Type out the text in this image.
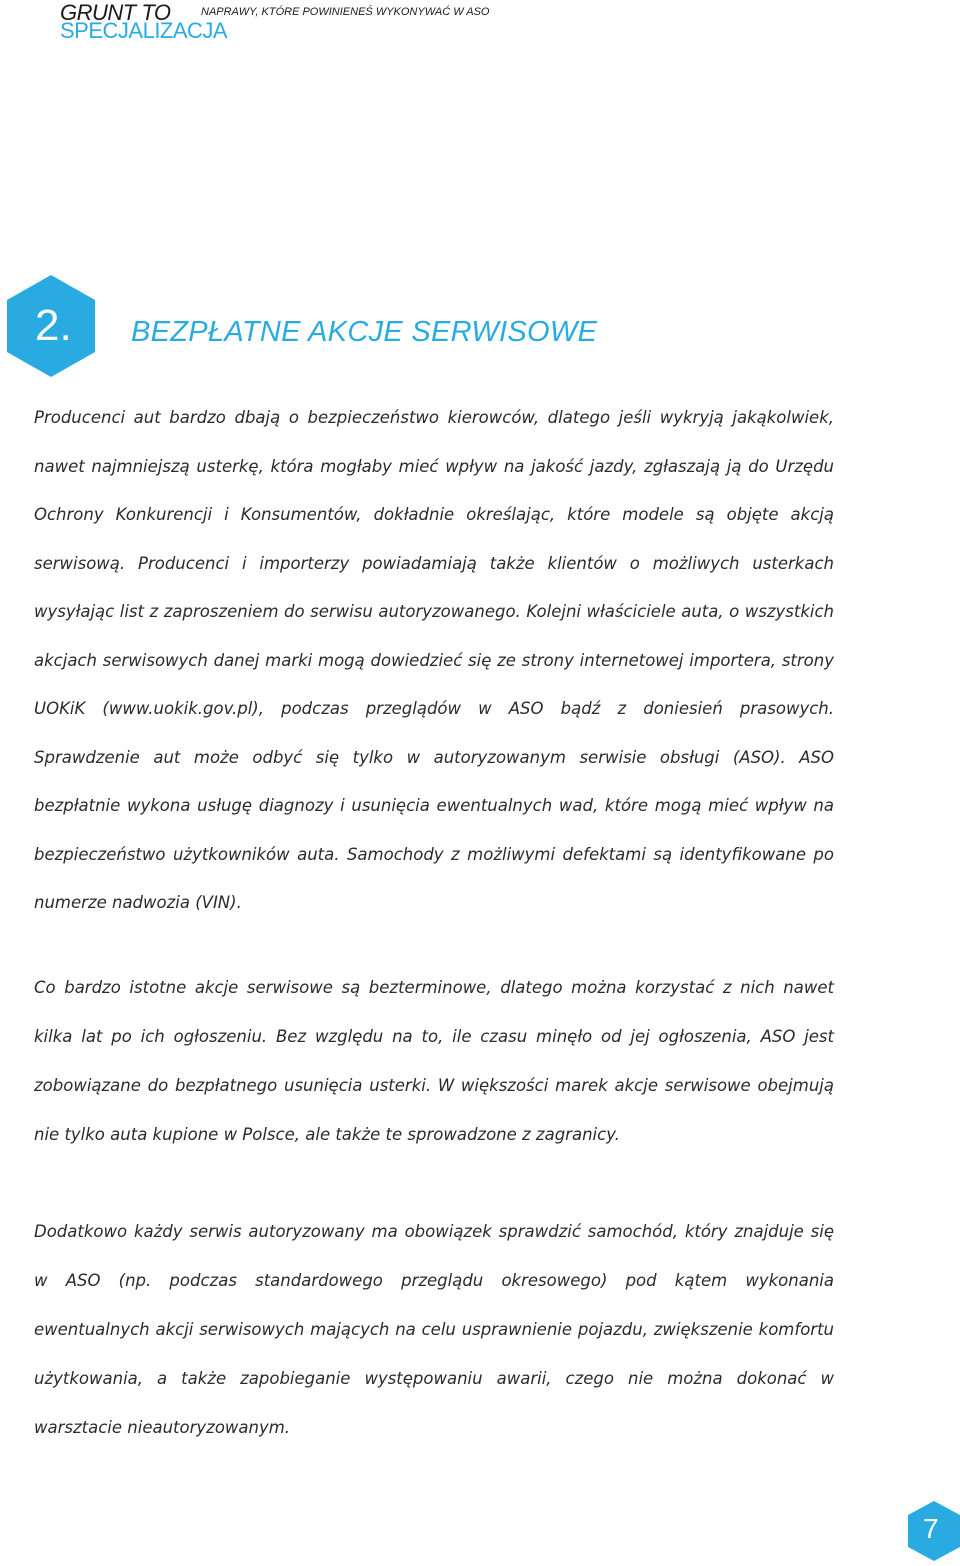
GRUNT TO
SPECJALIZACJA
NAPRAWY, KTÓRE POWINIENEŚ WYKONYWAĆ W ASO
2. BEZPŁATNE AKCJE SERWISOWE

Producenci aut bardzo dbają o bezpieczeństwo kierowców, dlatego jeśli wykryją jakąkolwiek, nawet najmniejszą usterkę, która mogłaby mieć wpływ na jakość jazdy, zgłaszają ją do Urzędu Ochrony Konkurencji i Konsumentów, dokładnie określając, które modele są objęte akcją serwisową. Producenci i importerzy powiadamiają także klientów o możliwych usterkach wysyłając list z zaproszeniem do serwisu autoryzowanego. Kolejni właściciele auta, o wszystkich akcjach serwisowych danej marki mogą dowiedzieć się ze strony internetowej importera, strony UOKiK (www.uokik.gov.pl), podczas przeglądów w ASO bądź z doniesień prasowych. Sprawdzenie aut może odbyć się tylko w autoryzowanym serwisie obsługi (ASO). ASO bezpłatnie wykona usługę diagnozy i usunięcia ewentualnych wad, które mogą mieć wpływ na bezpieczeństwo użytkowników auta. Samochody z możliwymi defektami są identyfikowane po numerze nadwozia (VIN).

Co bardzo istotne akcje serwisowe są bezterminowe, dlatego można korzystać z nich nawet kilka lat po ich ogłoszeniu. Bez względu na to, ile czasu minęło od jej ogłoszenia, ASO jest zobowiązane do bezpłatnego usunięcia usterki. W większości marek akcje serwisowe obejmują nie tylko auta kupione w Polsce, ale także te sprowadzone z zagranicy.

Dodatkowo każdy serwis autoryzowany ma obowiązek sprawdzić samochód, który znajduje się w ASO (np. podczas standardowego przeglądu okresowego) pod kątem wykonania ewentualnych akcji serwisowych mających na celu usprawnienie pojazdu, zwiększenie komfortu użytkowania, a także zapobieganie występowaniu awarii, czego nie można dokonać w warsztacie nieautoryzowanym.

7
